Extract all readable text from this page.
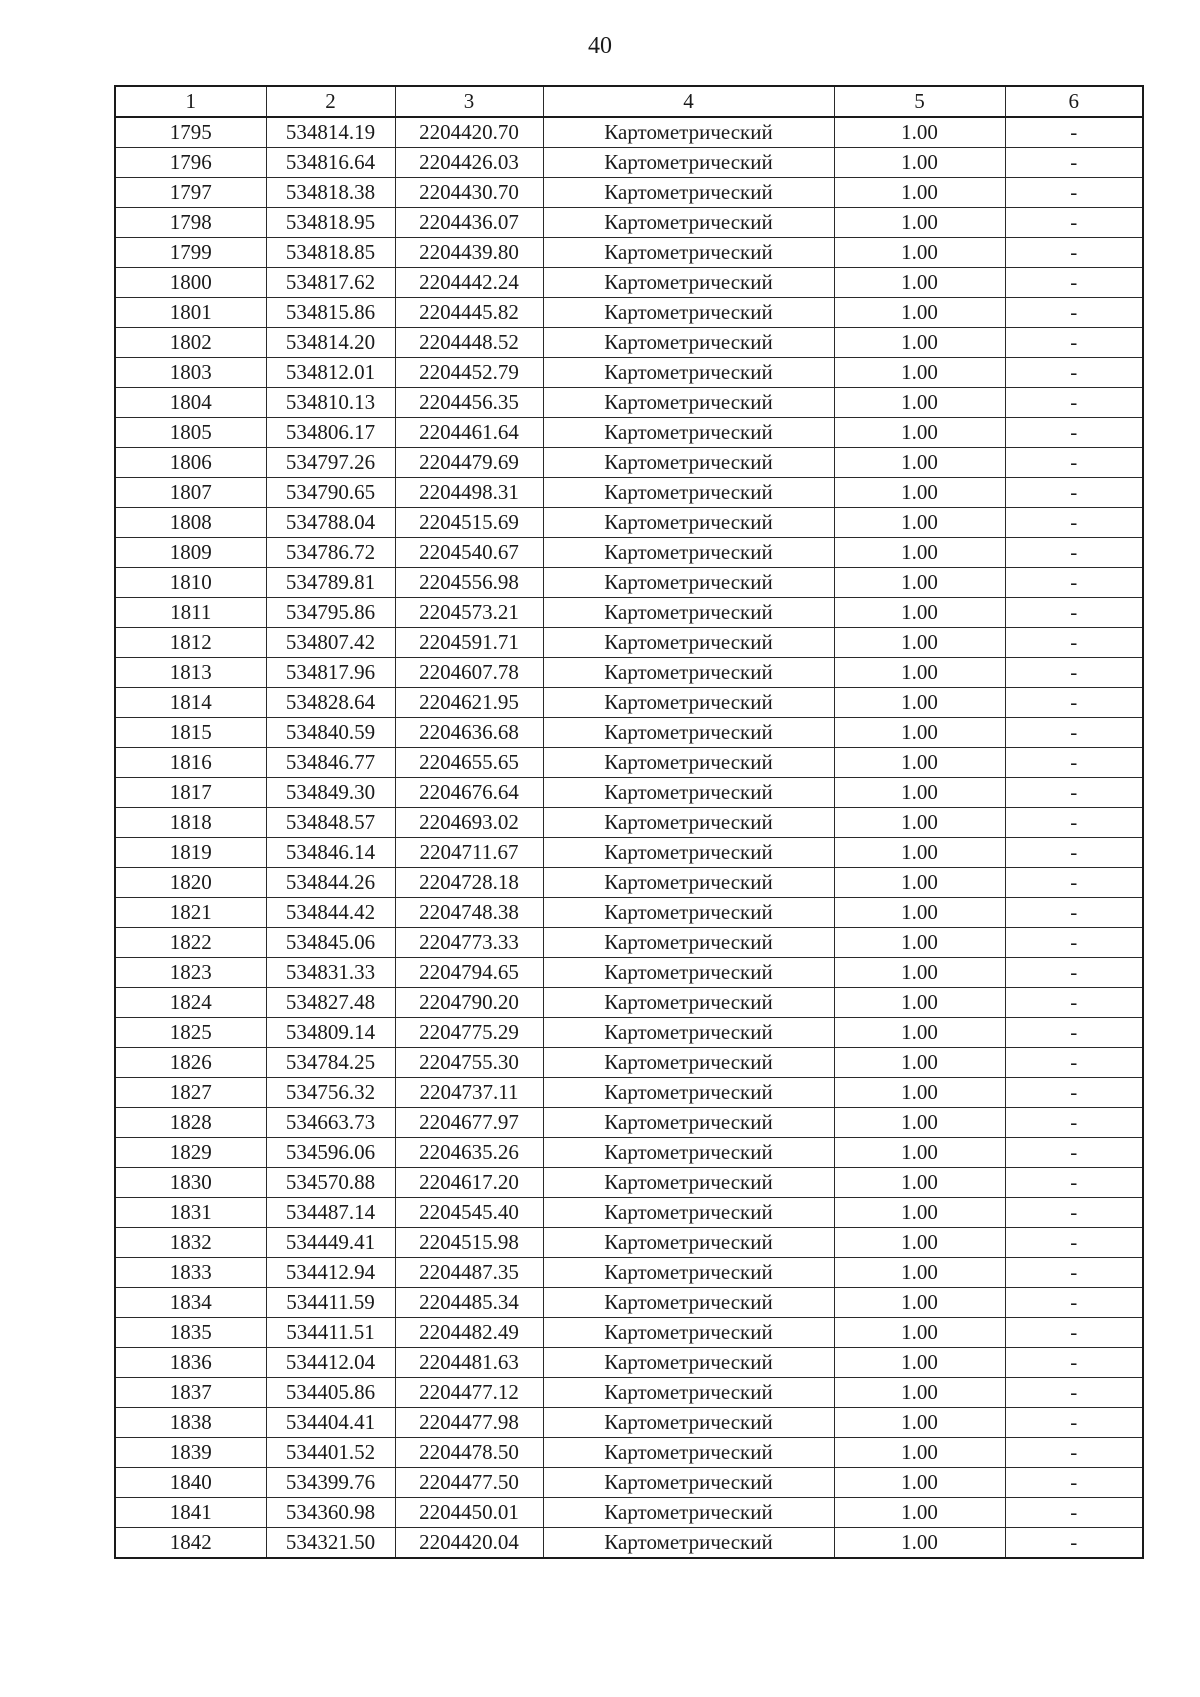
40
1	2	3	4	5	6
1795	534814.19	2204420.70	Картометрический	1.00	-
1796	534816.64	2204426.03	Картометрический	1.00	-
1797	534818.38	2204430.70	Картометрический	1.00	-
1798	534818.95	2204436.07	Картометрический	1.00	-
1799	534818.85	2204439.80	Картометрический	1.00	-
1800	534817.62	2204442.24	Картометрический	1.00	-
1801	534815.86	2204445.82	Картометрический	1.00	-
1802	534814.20	2204448.52	Картометрический	1.00	-
1803	534812.01	2204452.79	Картометрический	1.00	-
1804	534810.13	2204456.35	Картометрический	1.00	-
1805	534806.17	2204461.64	Картометрический	1.00	-
1806	534797.26	2204479.69	Картометрический	1.00	-
1807	534790.65	2204498.31	Картометрический	1.00	-
1808	534788.04	2204515.69	Картометрический	1.00	-
1809	534786.72	2204540.67	Картометрический	1.00	-
1810	534789.81	2204556.98	Картометрический	1.00	-
1811	534795.86	2204573.21	Картометрический	1.00	-
1812	534807.42	2204591.71	Картометрический	1.00	-
1813	534817.96	2204607.78	Картометрический	1.00	-
1814	534828.64	2204621.95	Картометрический	1.00	-
1815	534840.59	2204636.68	Картометрический	1.00	-
1816	534846.77	2204655.65	Картометрический	1.00	-
1817	534849.30	2204676.64	Картометрический	1.00	-
1818	534848.57	2204693.02	Картометрический	1.00	-
1819	534846.14	2204711.67	Картометрический	1.00	-
1820	534844.26	2204728.18	Картометрический	1.00	-
1821	534844.42	2204748.38	Картометрический	1.00	-
1822	534845.06	2204773.33	Картометрический	1.00	-
1823	534831.33	2204794.65	Картометрический	1.00	-
1824	534827.48	2204790.20	Картометрический	1.00	-
1825	534809.14	2204775.29	Картометрический	1.00	-
1826	534784.25	2204755.30	Картометрический	1.00	-
1827	534756.32	2204737.11	Картометрический	1.00	-
1828	534663.73	2204677.97	Картометрический	1.00	-
1829	534596.06	2204635.26	Картометрический	1.00	-
1830	534570.88	2204617.20	Картометрический	1.00	-
1831	534487.14	2204545.40	Картометрический	1.00	-
1832	534449.41	2204515.98	Картометрический	1.00	-
1833	534412.94	2204487.35	Картометрический	1.00	-
1834	534411.59	2204485.34	Картометрический	1.00	-
1835	534411.51	2204482.49	Картометрический	1.00	-
1836	534412.04	2204481.63	Картометрический	1.00	-
1837	534405.86	2204477.12	Картометрический	1.00	-
1838	534404.41	2204477.98	Картометрический	1.00	-
1839	534401.52	2204478.50	Картометрический	1.00	-
1840	534399.76	2204477.50	Картометрический	1.00	-
1841	534360.98	2204450.01	Картометрический	1.00	-
1842	534321.50	2204420.04	Картометрический	1.00	-
